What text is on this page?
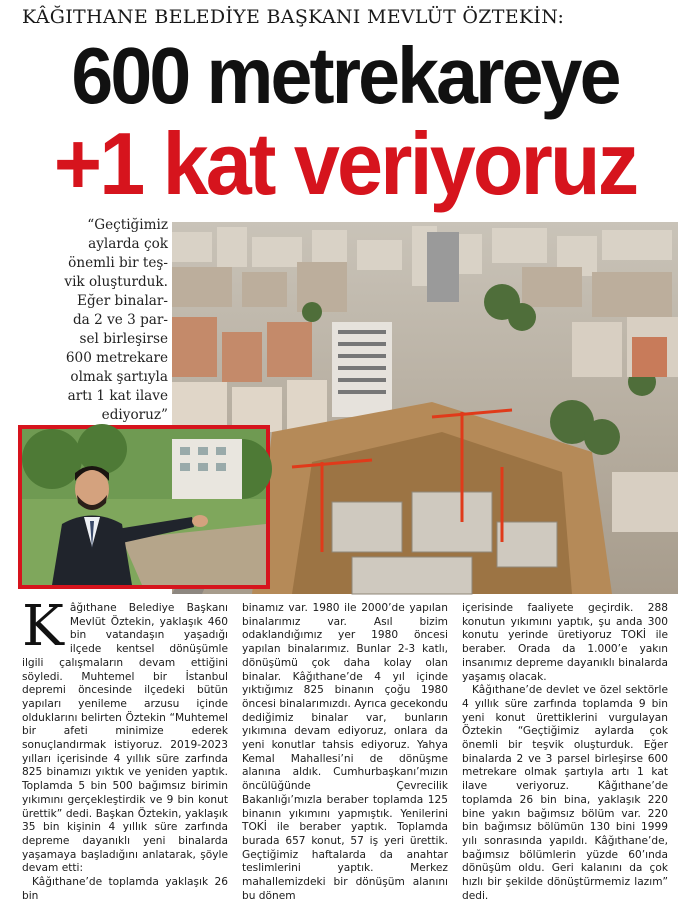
KÂĞITHANE BELEDİYE BAŞKANI MEVLÜT ÖZTEKİN:
600 metrekareye
+1 kat veriyoruz

“Geçtiğimiz

aylarda çok

önemli bir teş-

vik oluşturduk.

Eğer binalar-

da 2 ve 3 par-

sel birleşirse

600 metrekare

olmak şartıyla

artı 1 kat ilave

ediyoruz”

Kâğıthane Belediye Başkanı Mevlüt Öztekin, yaklaşık 460 bin vatandaşın yaşadığı ilçede kentsel dönüşümle ilgili çalışmaların devam ettiğini söyledi. Muhtemel bir İstanbul depremi öncesinde ilçedeki bütün yapıları yenileme arzusu içinde olduklarını belirten Öztekin “Muhtemel bir afeti minimize ederek sonuçlandırmak istiyoruz. 2019-2023 yılları içerisinde 4 yıllık süre zarfında 825 binamızı yıktık ve yeniden yaptık. Toplamda 5 bin 500 bağımsız birimin yıkımını gerçekleştirdik ve 9 bin konut ürettik” dedi. Başkan Öztekin, yaklaşık 35 bin kişinin 4 yıllık süre zarfında depreme dayanıklı yeni binalarda yaşamaya başladığını anlatarak, şöyle devam etti:

Kâğıthane’de toplamda yaklaşık 26 bin

binamız var. 1980 ile 2000’de yapılan binalarımız var. Asıl bizim odaklandığımız yer 1980 öncesi yapılan binalarımız. Bunlar 2-3 katlı, dönüşümü çok daha kolay olan binalar. Kâğıthane’de 4 yıl içinde yıktığımız 825 binanın çoğu 1980 öncesi binalarımızdı. Ayrıca gecekondu dediğimiz binalar var, bunların yıkımına devam ediyoruz, onlara da yeni konutlar tahsis ediyoruz. Yahya Kemal Mahallesi’ni de dönüşme alanına aldık. Cumhurbaşkanı’mızın öncülüğünde Çevrecilik Bakanlığı’mızla beraber toplamda 125 binanın yıkımını yapmıştık. Yenilerini TOKİ ile beraber yaptık. Toplamda burada 657 konut, 57 iş yeri ürettik. Geçtiğimiz haftalarda da anahtar teslimlerini yaptık. Merkez mahallemizdeki bir dönüşüm alanını bu dönem

içerisinde faaliyete geçirdik. 288 konutun yıkımını yaptık, şu anda 300 konutu yerinde üretiyoruz TOKİ ile beraber. Orada da 1.000’e yakın insanımız depreme dayanıklı binalarda yaşamış olacak.

Kâğıthane’de devlet ve özel sektörle 4 yıllık süre zarfında toplamda 9 bin yeni konut ürettiklerini vurgulayan Öztekin “Geçtiğimiz aylarda çok önemli bir teşvik oluşturduk. Eğer binalarda 2 ve 3 parsel birleşirse 600 metrekare olmak şartıyla artı 1 kat ilave veriyoruz. Kâğıthane’de toplamda 26 bin bina, yaklaşık 220 bine yakın bağımsız bölüm var. 220 bin bağımsız bölümün 130 bini 1999 yılı sonrasında yapıldı. Kâğıthane’de, bağımsız bölümlerin yüzde 60’ında dönüşüm oldu. Geri kalanını da çok hızlı bir şekilde dönüştürmemiz lazım” dedi.
